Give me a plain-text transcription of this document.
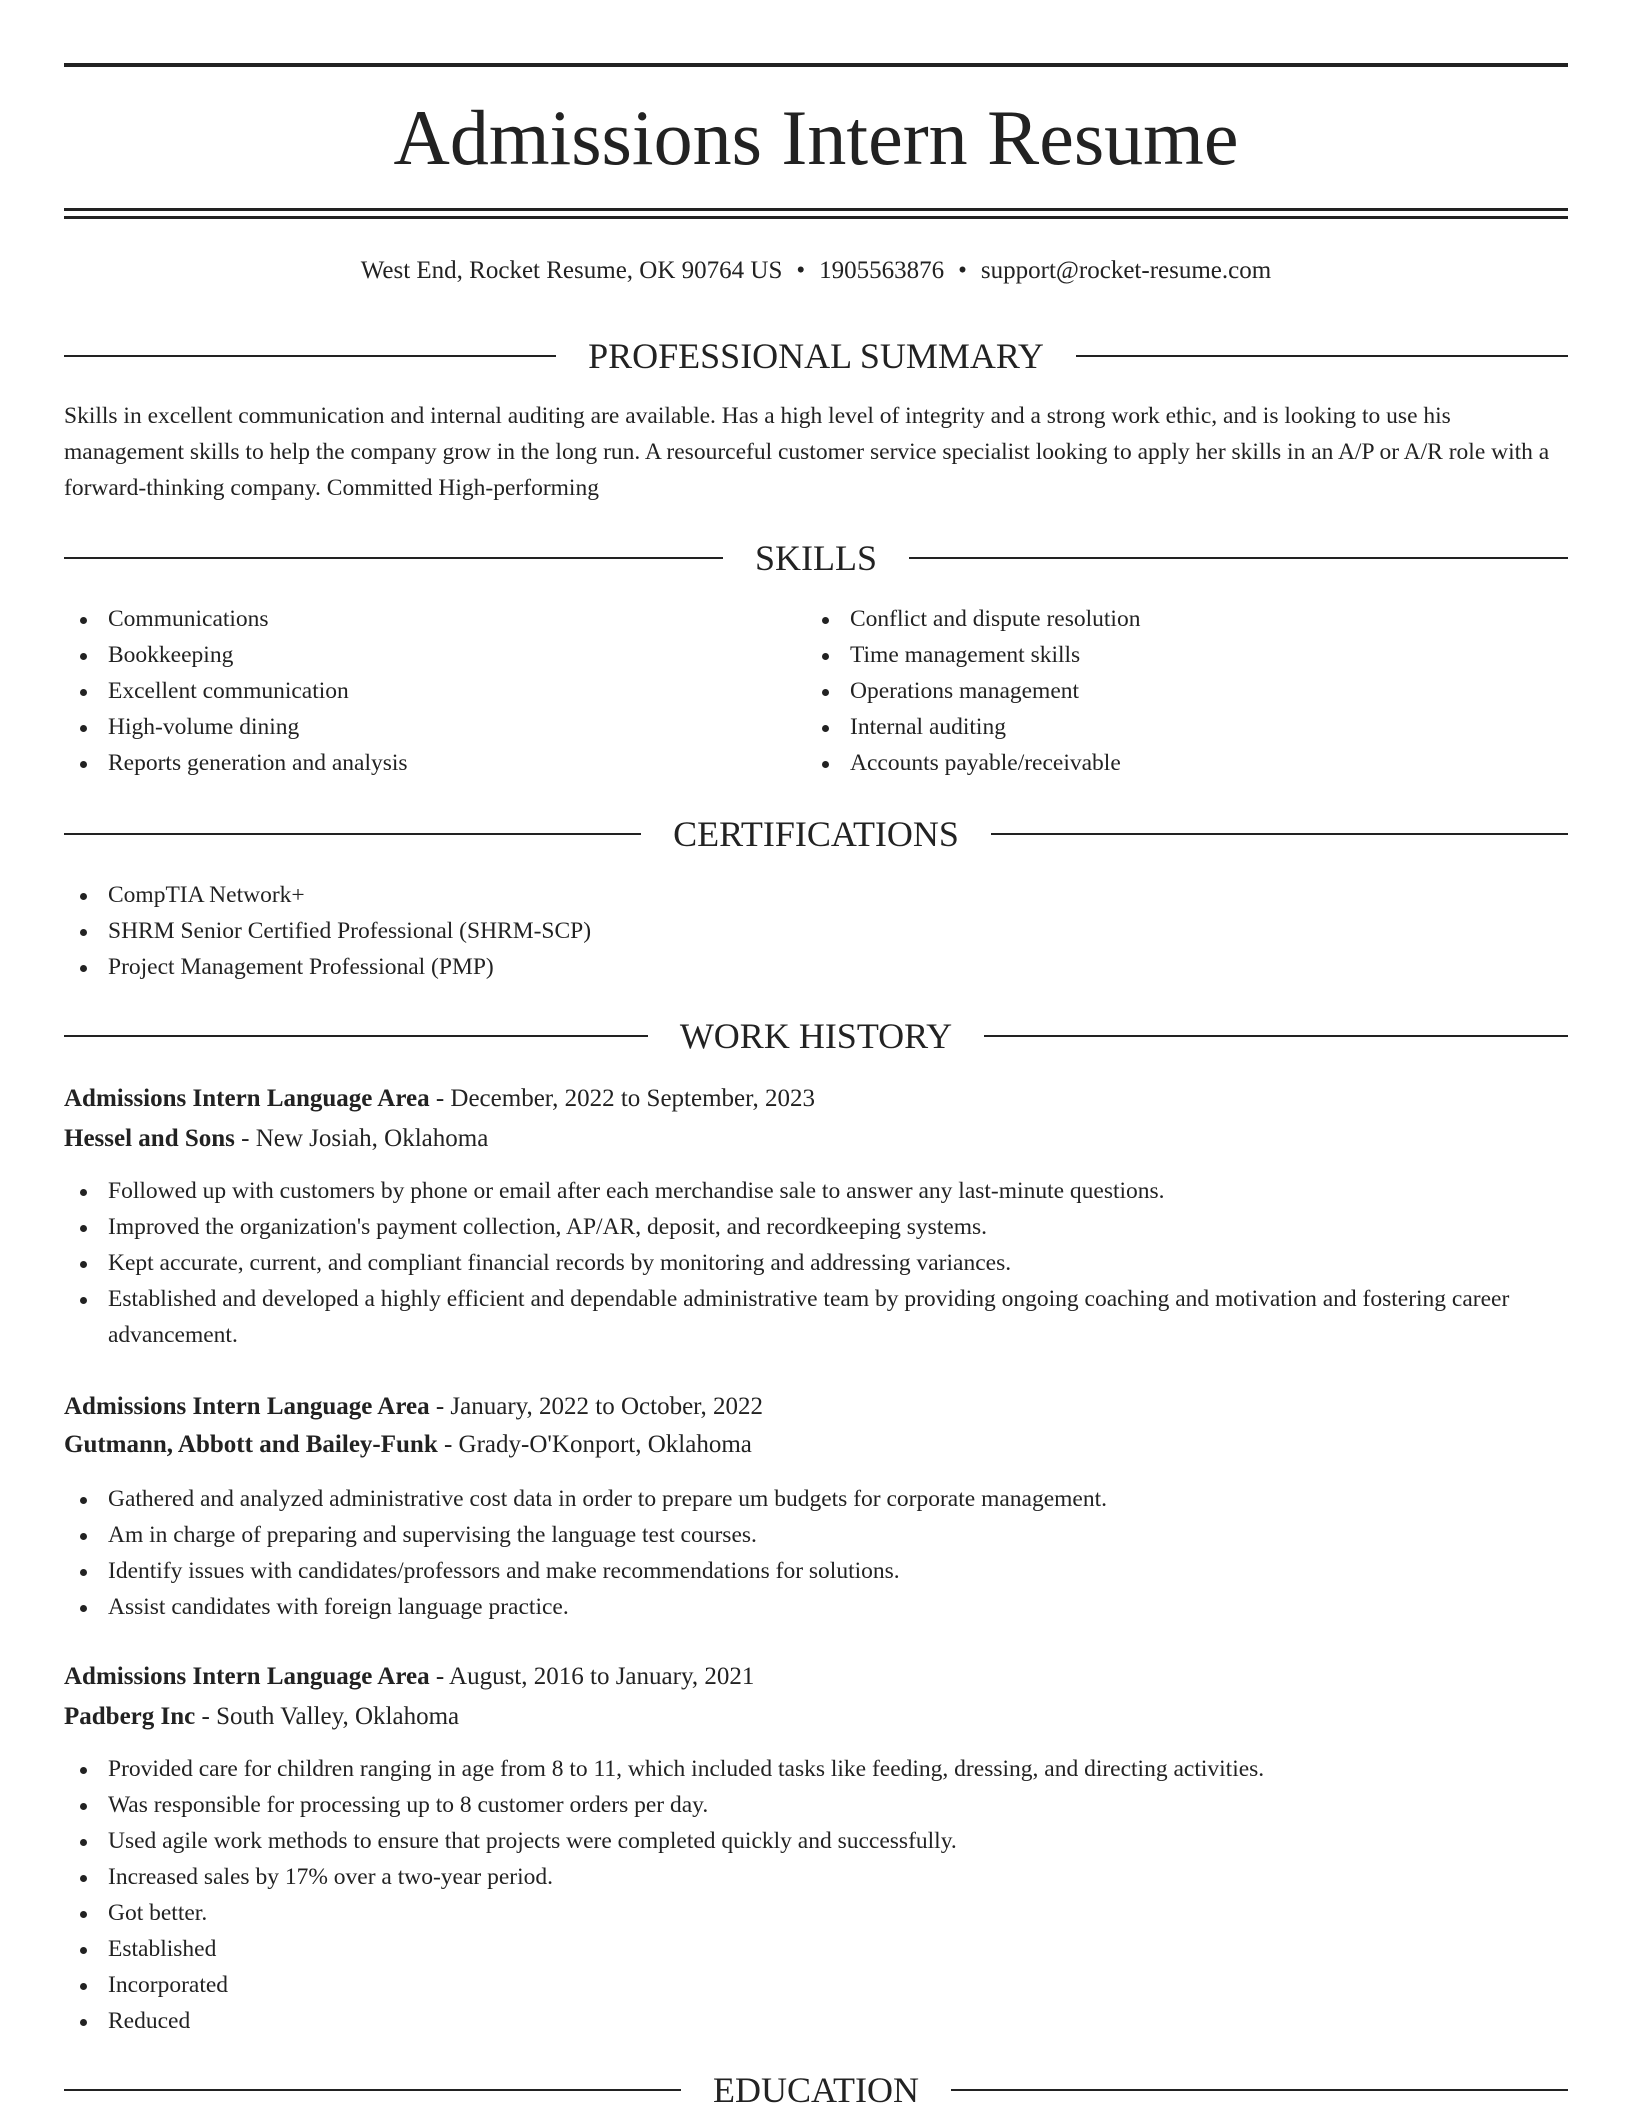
Admissions Intern Resume
West End, Rocket Resume, OK 90764 US • 1905563876 • support@rocket-resume.com
PROFESSIONAL SUMMARY

Skills in excellent communication and internal auditing are available. Has a high level of integrity and a strong work ethic, and is looking to use his management skills to help the company grow in the long run. A resourceful customer service specialist looking to apply her skills in an A/P or A/R role with a forward-thinking company. Committed High-performing

SKILLS
Communications
Bookkeeping
Excellent communication
High-volume dining
Reports generation and analysis
Conflict and dispute resolution
Time management skills
Operations management
Internal auditing
Accounts payable/receivable
CERTIFICATIONS
CompTIA Network+
SHRM Senior Certified Professional (SHRM-SCP)
Project Management Professional (PMP)
WORK HISTORY
Admissions Intern Language Area - December, 2022 to September, 2023
Hessel and Sons - New Josiah, Oklahoma
Followed up with customers by phone or email after each merchandise sale to answer any last-minute questions.
Improved the organization's payment collection, AP/AR, deposit, and recordkeeping systems.
Kept accurate, current, and compliant financial records by monitoring and addressing variances.
Established and developed a highly efficient and dependable administrative team by providing ongoing coaching and motivation and fostering career advancement.
Admissions Intern Language Area - January, 2022 to October, 2022
Gutmann, Abbott and Bailey-Funk - Grady-O'Konport, Oklahoma
Gathered and analyzed administrative cost data in order to prepare um budgets for corporate management.
Am in charge of preparing and supervising the language test courses.
Identify issues with candidates/professors and make recommendations for solutions.
Assist candidates with foreign language practice.
Admissions Intern Language Area - August, 2016 to January, 2021
Padberg Inc - South Valley, Oklahoma
Provided care for children ranging in age from 8 to 11, which included tasks like feeding, dressing, and directing activities.
Was responsible for processing up to 8 customer orders per day.
Used agile work methods to ensure that projects were completed quickly and successfully.
Increased sales by 17% over a two-year period.
Got better.
Established
Incorporated
Reduced
EDUCATION
